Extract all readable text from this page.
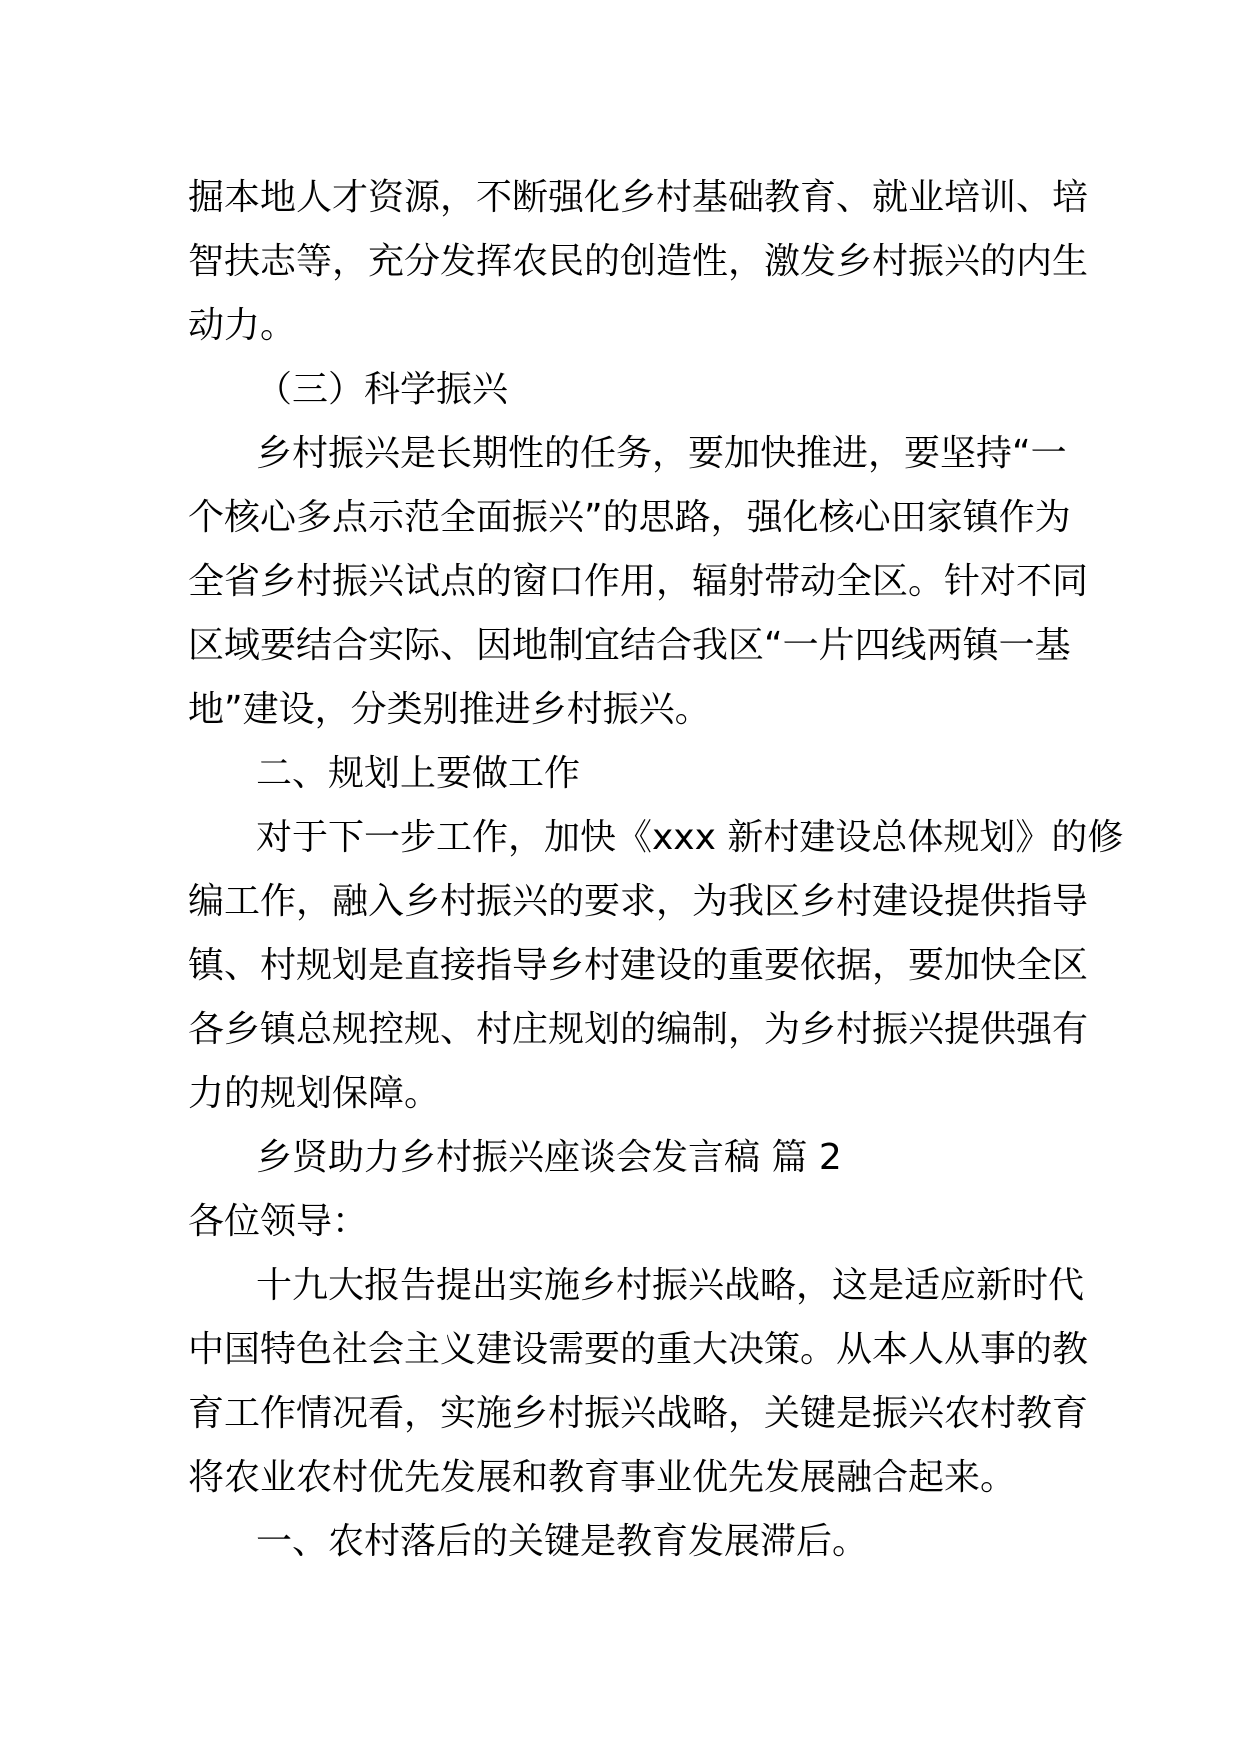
掘本地人才资源，不断强化乡村基础教育、就业培训、培
智扶志等，充分发挥农民的创造性，激发乡村振兴的内生
动力。
（三）科学振兴
乡村振兴是长期性的任务，要加快推进，要坚持“一
个核心多点示范全面振兴”的思路，强化核心田家镇作为
全省乡村振兴试点的窗口作用，辐射带动全区。针对不同
区域要结合实际、因地制宜结合我区“一片四线两镇一基
地”建设，分类别推进乡村振兴。
二、规划上要做工作
对于下一步工作，加快《xxx 新村建设总体规划》的修
编工作，融入乡村振兴的要求，为我区乡村建设提供指导
镇、村规划是直接指导乡村建设的重要依据，要加快全区
各乡镇总规控规、村庄规划的编制，为乡村振兴提供强有
力的规划保障。
乡贤助力乡村振兴座谈会发言稿 篇 2
各位领导：
十九大报告提出实施乡村振兴战略，这是适应新时代
中国特色社会主义建设需要的重大决策。从本人从事的教
育工作情况看，实施乡村振兴战略，关键是振兴农村教育
将农业农村优先发展和教育事业优先发展融合起来。
一、农村落后的关键是教育发展滞后。
